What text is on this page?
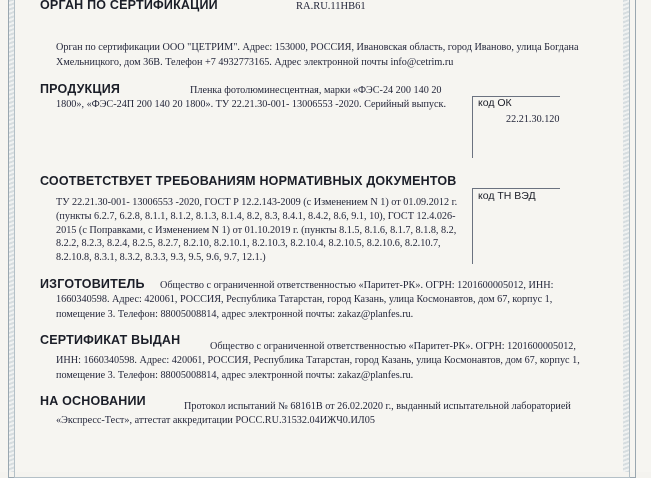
ОРГАН ПО СЕРТИФИКАЦИИ	RA.RU.11НВ61
Орган по сертификации ООО "ЦЕТРИМ". Адрес: 153000, РОССИЯ, Ивановская область, город Иваново, улица Богдана Хмельницкого, дом 36В. Телефон +7 4932773165. Адрес электронной почты info@cetrim.ru
ПРОДУКЦИЯ	Пленка фотолюминесцентная, марки «ФЭС-24 200 140 20
1800», «ФЭС-24П 200 140 20 1800». ТУ 22.21.30-001- 13006553 -2020. Серийный выпуск.	код ОК
22.21.30.120
СООТВЕТСТВУЕТ ТРЕБОВАНИЯМ НОРМАТИВНЫХ ДОКУМЕНТОВ
код ТН ВЭД
ТУ 22.21.30-001- 13006553 -2020, ГОСТ Р 12.2.143-2009 (с Изменением N 1) от 01.09.2012 г. (пункты 6.2.7, 6.2.8, 8.1.1, 8.1.2, 8.1.3, 8.1.4, 8.2, 8.3, 8.4.1, 8.4.2, 8.6, 9.1, 10), ГОСТ 12.4.026-2015 (с Поправками, с Изменением N 1) от 01.10.2019 г. (пункты 8.1.5, 8.1.6, 8.1.7, 8.1.8, 8.2, 8.2.2, 8.2.3, 8.2.4, 8.2.5, 8.2.7, 8.2.10, 8.2.10.1, 8.2.10.3, 8.2.10.4, 8.2.10.5, 8.2.10.6, 8.2.10.7, 8.2.10.8, 8.3.1, 8.3.2, 8.3.3, 9.3, 9.5, 9.6, 9.7, 12.1.)
ИЗГОТОВИТЕЛЬ Общество с ограниченной ответственностью «Паритет-РК». ОГРН: 1201600005012, ИНН:
1660340598. Адрес: 420061, РОССИЯ, Республика Татарстан, город Казань, улица Космонавтов, дом 67, корпус 1, помещение 3. Телефон: 88005008814, адрес электронной почты: zakaz@planfes.ru.
СЕРТИФИКАТ ВЫДАН	Общество с ограниченной ответственностью «Паритет-РК». ОГРН: 1201600005012,
ИНН: 1660340598. Адрес: 420061, РОССИЯ, Республика Татарстан, город Казань, улица Космонавтов, дом 67, корпус 1, помещение 3. Телефон: 88005008814, адрес электронной почты: zakaz@planfes.ru.
НА ОСНОВАНИИ	Протокол испытаний № 68161В от 26.02.2020 г., выданный испытательной лабораторией
«Экспресс-Тест», аттестат аккредитации РОСС.RU.31532.04ИЖЧ0.ИЛ05
